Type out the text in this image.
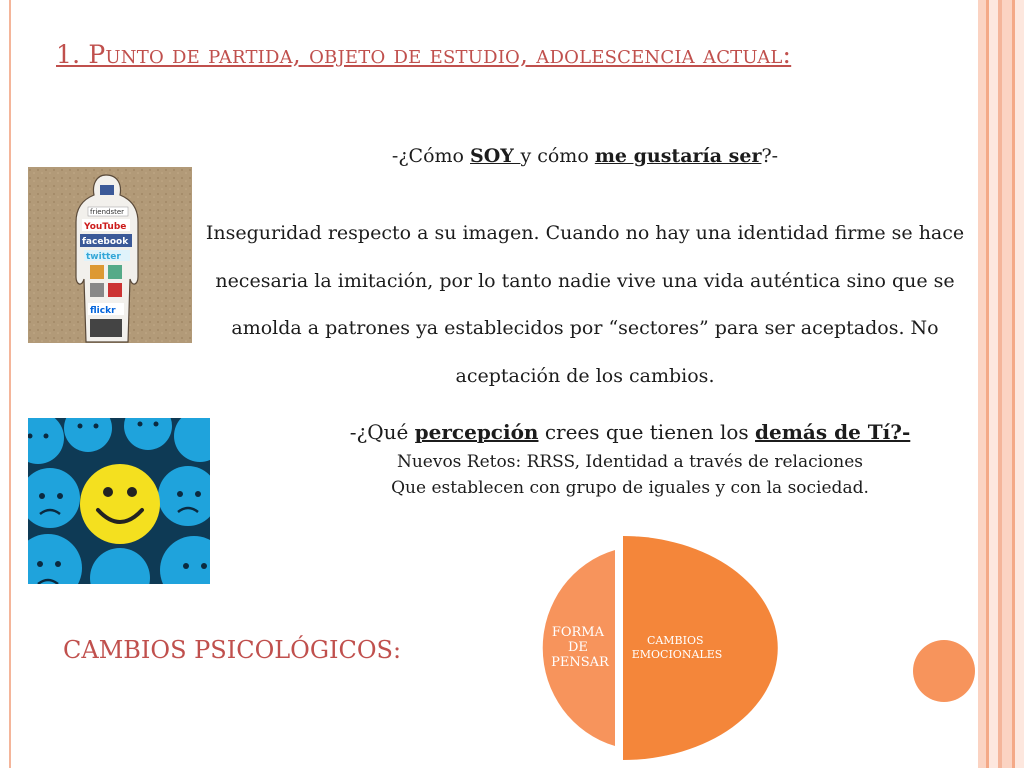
1. Punto de partida, objeto de estudio, adolescencia actual:
-¿Cómo SOY y cómo me gustaría ser?-
Inseguridad respecto a su imagen. Cuando no hay una identidad firme se hace necesaria la imitación, por lo tanto nadie vive una vida auténtica sino que se amolda a patrones ya establecidos por “sectores” para ser aceptados. No aceptación de los cambios.
-¿Qué percepción crees que tienen los demás de Tí?-
Nuevos Retos: RRSS, Identidad a través de relaciones
Que establecen con grupo de iguales y con la sociedad.
friendster
YouTube
facebook
twitter
flickr
CAMBIOS PSICOLÓGICOS:
FORMA DE PENSAR
CAMBIOS EMOCIONALES
